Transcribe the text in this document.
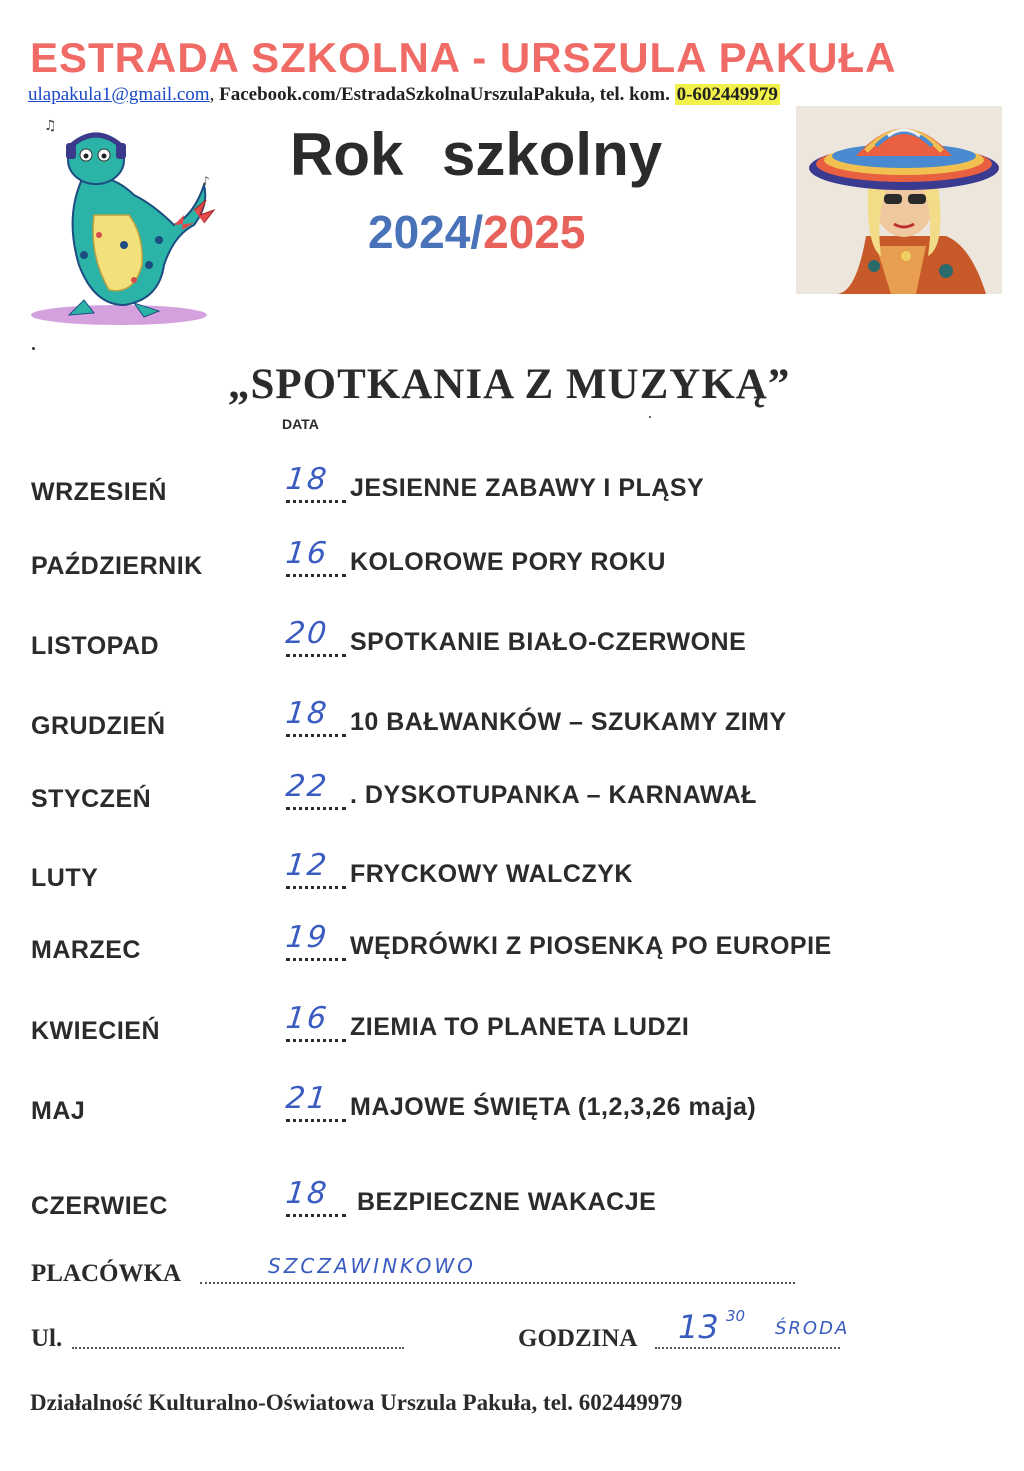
ESTRADA SZKOLNA - URSZULA PAKUŁA
ulapakula1@gmail.com, Facebook.com/EstradaSzkolnaUrszulaPakuła, tel. kom. 0-602449979
♫
♪ Rok szkolny
2024/2025
„SPOTKANIA Z MUZYKĄ”
DATA
WRZESIEŃ	18 JESIENNE ZABAWY I PLĄSY
PAŹDZIERNIK	16 KOLOROWE PORY ROKU
LISTOPAD	20 SPOTKANIE BIAŁO-CZERWONE
GRUDZIEŃ	18 10 BAŁWANKÓW – SZUKAMY ZIMY
STYCZEŃ	22 . DYSKOTUPANKA – KARNAWAŁ
LUTY	12 FRYCKOWY WALCZYK
MARZEC	19 WĘDRÓWKI Z PIOSENKĄ PO EUROPIE
KWIECIEŃ	16 ZIEMIA TO PLANETA LUDZI
MAJ	21 MAJOWE ŚWIĘTA (1,2,3,26 maja)
CZERWIEC	18 BEZPIECZNE WAKACJE
PLACÓWKA	SZCZAWINKOWO
Ul.	GODZINA 13 30
ŚRODA
Działalność Kulturalno-Oświatowa Urszula Pakuła, tel. 602449979
